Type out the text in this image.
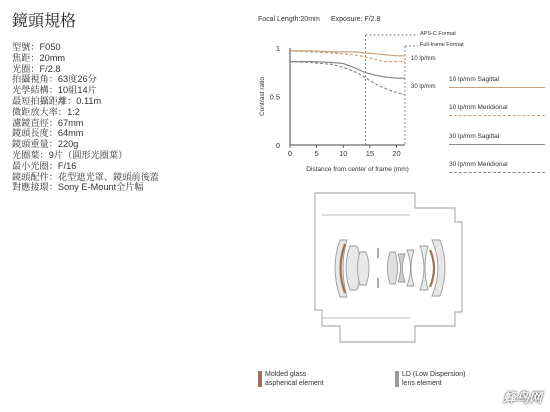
鏡頭規格
型號：F050
焦距：20mm
光圈：F/2.8
拍攝視角：63度26分
光學結構：10組14片
最短拍攝距離：0.11m
微距放大率：1:2
濾鏡直徑：67mm
鏡頭長度：64mm
鏡頭重量：220g
光圈葉：9片（圓形光圈葉）
最小光圈：F/16
鏡頭配件：花型遮光罩、鏡頭前後蓋
對應接環：Sony E-Mount全片幅
Focal Length:20mm Exposure: F/2.8
0	5	10 15 20
0
0.5
1
Distance from center of frame (mm)
Contrast ratio
APS-C Format
Full-frame Format
10 lp/mm
30 lp/mm
10 lp/mm Sagittal
10 lp/mm Meridional
30 lp/mm Sagittal
30 lp/mm Meridional
Molded glass
aspherical element
LD (Low Dispersion)
lens element
蜂鸟网
